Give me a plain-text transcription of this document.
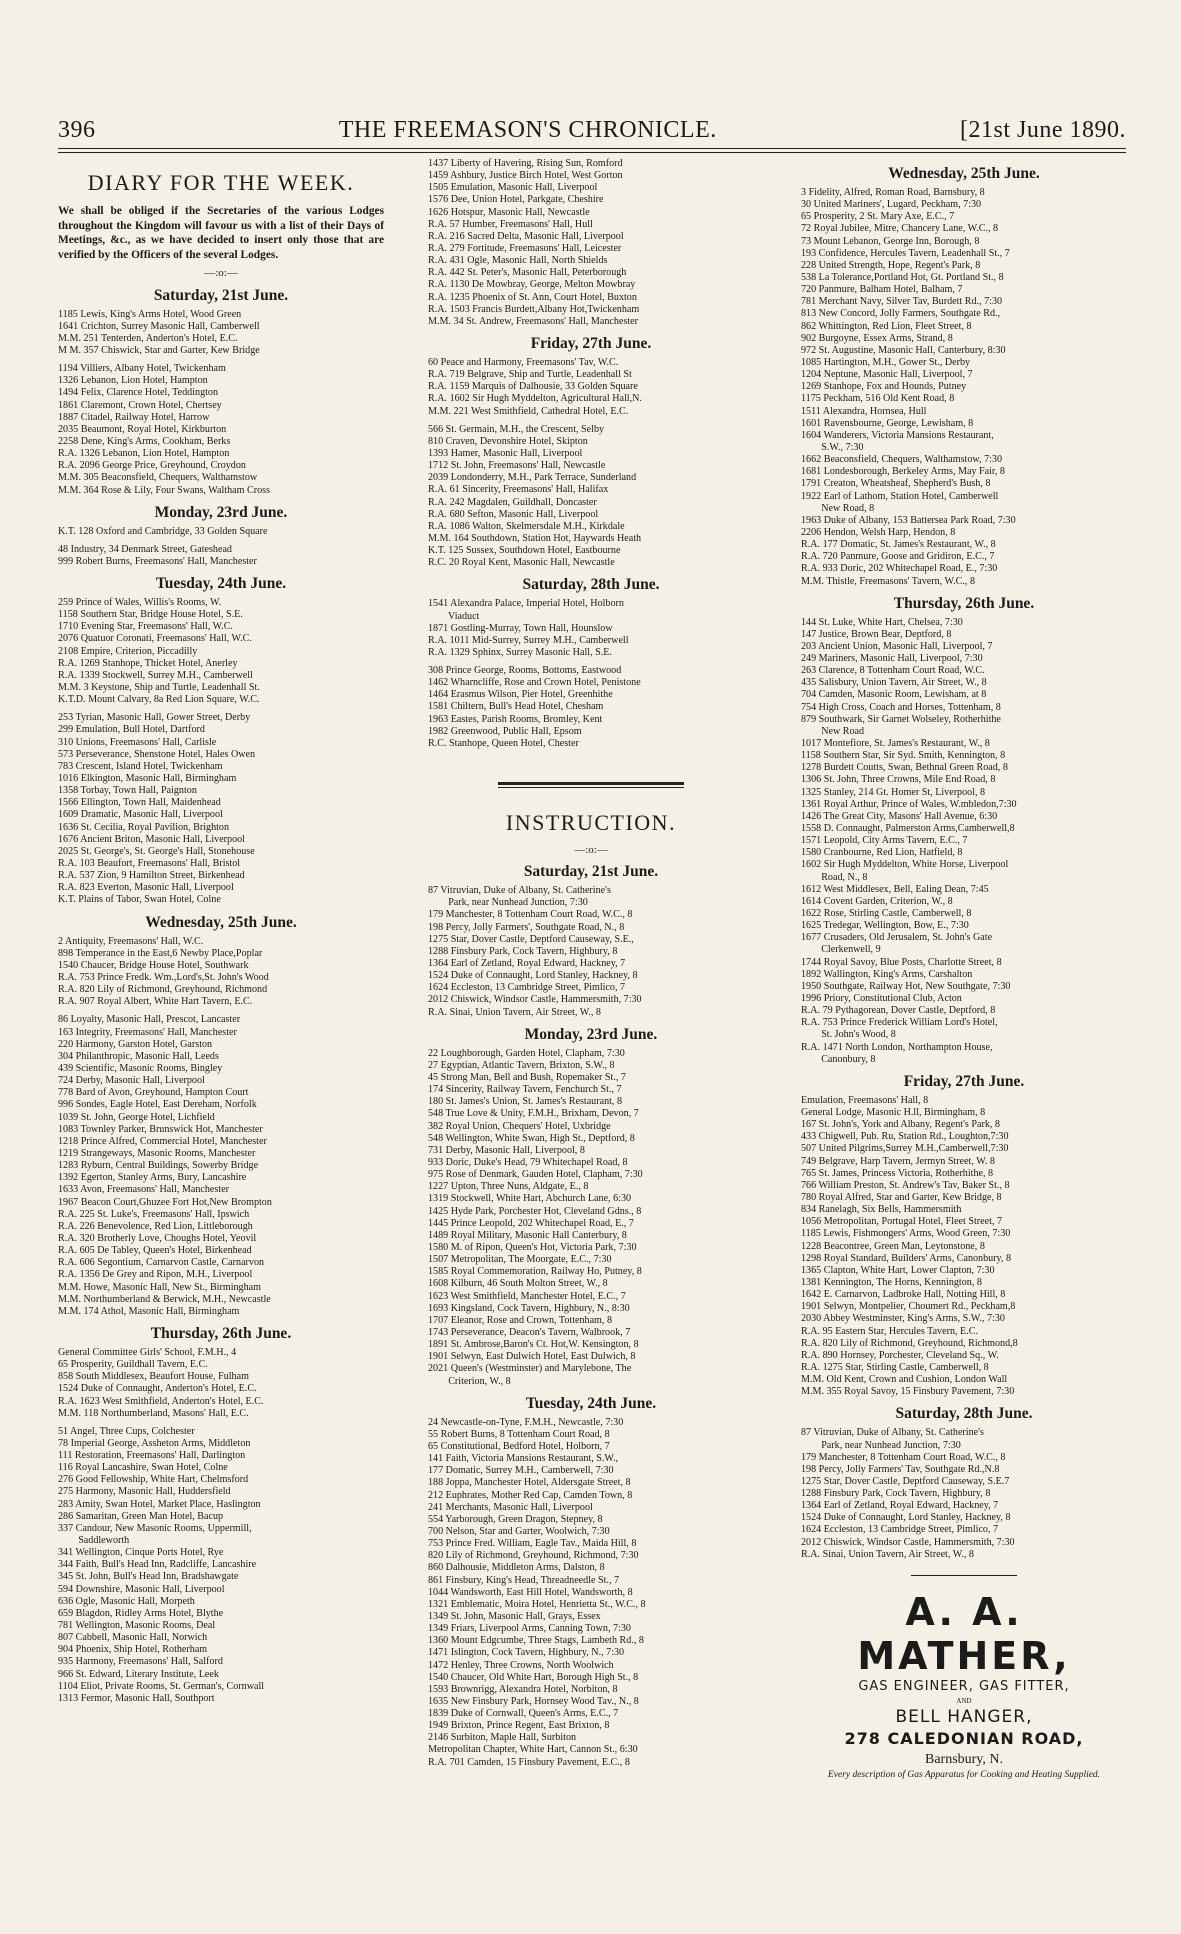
396	THE FREEMASON'S CHRONICLE.	[21st June 1890.
DIARY FOR THE WEEK.
We shall be obliged if the Secretaries of the various Lodges throughout the Kingdom will favour us with a list of their Days of Meetings, &c., as we have decided to insert only those that are verified by the Officers of the several Lodges.
—:o:—
Saturday, 21st June.
1185 Lewis, King's Arms Hotel, Wood Green
1641 Crichton, Surrey Masonic Hall, Camberwell
M.M. 251 Tenterden, Anderton's Hotel, E.C.
M M. 357 Chiswick, Star and Garter, Kew Bridge
1194 Villiers, Albany Hotel, Twickenham
1326 Lebanon, Lion Hotel, Hampton
1494 Felix, Clarence Hotel, Teddington
1861 Claremont, Crown Hotel, Chertsey
1887 Citadel, Railway Hotel, Harrow
2035 Beaumont, Royal Hotel, Kirkburton
2258 Dene, King's Arms, Cookham, Berks
R.A. 1326 Lebanon, Lion Hotel, Hampton
R.A. 2096 George Price, Greyhound, Croydon
M.M. 305 Beaconsfield, Chequers, Walthamstow
M.M. 364 Rose & Lily, Four Swans, Waltham Cross
Monday, 23rd June.
K.T. 128 Oxford and Cambridge, 33 Golden Square
48 Industry, 34 Denmark Street, Gateshead
999 Robert Burns, Freemasons' Hall, Manchester
Tuesday, 24th June.
259 Prince of Wales, Willis's Rooms, W.
1158 Southern Star, Bridge House Hotel, S.E.
1710 Evening Star, Freemasons' Hall, W.C.
2076 Quatuor Coronati, Freemasons' Hall, W.C.
2108 Empire, Criterion, Piccadilly
R.A. 1269 Stanhope, Thicket Hotel, Anerley
R.A. 1339 Stockwell, Surrey M.H., Camberwell
M.M. 3 Keystone, Ship and Turtle, Leadenhall St.
K.T.D. Mount Calvary, 8a Red Lion Square, W.C.
253 Tyrian, Masonic Hall, Gower Street, Derby
299 Emulation, Bull Hotel, Dartford
310 Unions, Freemasons' Hall, Carlisle
573 Perseverance, Shenstone Hotel, Hales Owen
783 Crescent, Island Hotel, Twickenham
1016 Elkington, Masonic Hall, Birmingham
1358 Torbay, Town Hall, Paignton
1566 Ellington, Town Hall, Maidenhead
1609 Dramatic, Masonic Hall, Liverpool
1636 St. Cecilia, Royal Pavilion, Brighton
1676 Ancient Briton, Masonic Hall, Liverpool
2025 St. George's, St. George's Hall, Stonehouse
R.A. 103 Beaufort, Freemasons' Hall, Bristol
R.A. 537 Zion, 9 Hamilton Street, Birkenhead
R.A. 823 Everton, Masonic Hall, Liverpool
K.T. Plains of Tabor, Swan Hotel, Colne
Wednesday, 25th June.
2 Antiquity, Freemasons' Hall, W.C.
898 Temperance in the East,6 Newby Place,Poplar
1540 Chaucer, Bridge House Hotel, Southwark
R.A. 753 Prince Fredk. Wm.,Lord's,St. John's Wood
R.A. 820 Lily of Richmond, Greyhound, Richmond
R.A. 907 Royal Albert, White Hart Tavern, E.C.
86 Loyalty, Masonic Hall, Prescot, Lancaster
163 Integrity, Freemasons' Hall, Manchester
220 Harmony, Garston Hotel, Garston
304 Philanthropic, Masonic Hall, Leeds
439 Scientific, Masonic Rooms, Bingley
724 Derby, Masonic Hall, Liverpool
778 Bard of Avon, Greyhound, Hampton Court
996 Sondes, Eagle Hotel, East Dereham, Norfolk
1039 St. John, George Hotel, Lichfield
1083 Townley Parker, Brunswick Hot, Manchester
1218 Prince Alfred, Commercial Hotel, Manchester
1219 Strangeways, Masonic Rooms, Manchester
1283 Ryburn, Central Buildings, Sowerby Bridge
1392 Egerton, Stanley Arms, Bury, Lancashire
1633 Avon, Freemasons' Hall, Manchester
1967 Beacon Court,Ghuzee Fort Hot,New Brompton
R.A. 225 St. Luke's, Freemasons' Hall, Ipswich
R.A. 226 Benevolence, Red Lion, Littleborough
R.A. 320 Brotherly Love, Choughs Hotel, Yeovil
R.A. 605 De Tabley, Queen's Hotel, Birkenhead
R.A. 606 Segontium, Carnarvon Castle, Carnarvon
R.A. 1356 De Grey and Ripon, M.H., Liverpool
M.M. Howe, Masonic Hall, New St., Birmingham
M.M. Northumberland & Berwick, M.H., Newcastle
M.M. 174 Athol, Masonic Hall, Birmingham
Thursday, 26th June.
General Committee Girls' School, F.M.H., 4
65 Prosperity, Guildhall Tavern, E.C.
858 South Middlesex, Beaufort House, Fulham
1524 Duke of Connaught, Anderton's Hotel, E.C.
R.A. 1623 West Smithfield, Anderton's Hotel, E.C.
M.M. 118 Northumberland, Masons' Hall, E.C.
51 Angel, Three Cups, Colchester
78 Imperial George, Assheton Arms, Middleton
111 Restoration, Freemasons' Hall, Darlington
116 Royal Lancashire, Swan Hotel, Colne
276 Good Fellowship, White Hart, Chelmsford
275 Harmony, Masonic Hall, Huddersfield
283 Amity, Swan Hotel, Market Place, Haslington
286 Samaritan, Green Man Hotel, Bacup
337 Candour, New Masonic Rooms, Uppermill,
Saddleworth
341 Wellington, Cinque Ports Hotel, Rye
344 Faith, Bull's Head Inn, Radcliffe, Lancashire
345 St. John, Bull's Head Inn, Bradshawgate
594 Downshire, Masonic Hall, Liverpool
636 Ogle, Masonic Hall, Morpeth
659 Blagdon, Ridley Arms Hotel, Blythe
781 Wellington, Masonic Rooms, Deal
807 Cabbell, Masonic Hall, Norwich
904 Phoenix, Ship Hotel, Rotherham
935 Harmony, Freemasons' Hall, Salford
966 St. Edward, Literary Institute, Leek
1104 Eliot, Private Rooms, St. German's, Cornwall
1313 Fermor, Masonic Hall, Southport
1437 Liberty of Havering, Rising Sun, Romford
1459 Ashbury, Justice Birch Hotel, West Gorton
1505 Emulation, Masonic Hall, Liverpool
1576 Dee, Union Hotel, Parkgate, Cheshire
1626 Hotspur, Masonic Hall, Newcastle
R.A. 57 Humber, Freemasons' Hall, Hull
R.A. 216 Sacred Delta, Masonic Hall, Liverpool
R.A. 279 Fortitude, Freemasons' Hall, Leicester
R.A. 431 Ogle, Masonic Hall, North Shields
R.A. 442 St. Peter's, Masonic Hall, Peterborough
R.A. 1130 De Mowbray, George, Melton Mowbray
R.A. 1235 Phoenix of St. Ann, Court Hotel, Buxton
R.A. 1503 Francis Burdett,Albany Hot,Twickenham
M.M. 34 St. Andrew, Freemasons' Hall, Manchester
Friday, 27th June.
60 Peace and Harmony, Freemasons' Tav, W.C.
R.A. 719 Belgrave, Ship and Turtle, Leadenhall St
R.A. 1159 Marquis of Dalhousie, 33 Golden Square
R.A. 1602 Sir Hugh Myddelton, Agricultural Hall,N.
M.M. 221 West Smithfield, Cathedral Hotel, E.C.
566 St. Germain, M.H., the Crescent, Selby
810 Craven, Devonshire Hotel, Skipton
1393 Hamer, Masonic Hall, Liverpool
1712 St. John, Freemasons' Hall, Newcastle
2039 Londonderry, M.H., Park Terrace, Sunderland
R.A. 61 Sincerity, Freemasons' Hall, Halifax
R.A. 242 Magdalen, Guildhall, Doncaster
R.A. 680 Sefton, Masonic Hall, Liverpool
R.A. 1086 Walton, Skelmersdale M.H., Kirkdale
M.M. 164 Southdown, Station Hot, Haywards Heath
K.T. 125 Sussex, Southdown Hotel, Eastbourne
R.C. 20 Royal Kent, Masonic Hall, Newcastle
Saturday, 28th June.
1541 Alexandra Palace, Imperial Hotel, Holborn
Viaduct
1871 Gostling-Murray, Town Hall, Hounslow
R.A. 1011 Mid-Surrey, Surrey M.H., Camberwell
R.A. 1329 Sphinx, Surrey Masonic Hall, S.E.
308 Prince George, Rooms, Bottoms, Eastwood
1462 Wharncliffe, Rose and Crown Hotel, Penistone
1464 Erasmus Wilson, Pier Hotel, Greenhithe
1581 Chiltern, Bull's Head Hotel, Chesham
1963 Eastes, Parish Rooms, Bromley, Kent
1982 Greenwood, Public Hall, Epsom
R.C. Stanhope, Queen Hotel, Chester
INSTRUCTION.
—:o:—
Saturday, 21st June.
87 Vitruvian, Duke of Albany, St. Catherine's
Park, near Nunhead Junction, 7:30
179 Manchester, 8 Tottenham Court Road, W.C., 8
198 Percy, Jolly Farmers', Southgate Road, N., 8
1275 Star, Dover Castle, Deptford Causeway, S.E.,
1288 Finsbury Park, Cock Tavern, Highbury, 8
1364 Earl of Zetland, Royal Edward, Hackney, 7
1524 Duke of Connaught, Lord Stanley, Hackney, 8
1624 Eccleston, 13 Cambridge Street, Pimlico, 7
2012 Chiswick, Windsor Castle, Hammersmith, 7:30
R.A. Sinai, Union Tavern, Air Street, W., 8
Monday, 23rd June.
22 Loughborough, Garden Hotel, Clapham, 7:30
27 Egyptian, Atlantic Tavern, Brixton, S.W., 8
45 Strong Man, Bell and Bush, Ropemaker St., 7
174 Sincerity, Railway Tavern, Fenchurch St., 7
180 St. James's Union, St. James's Restaurant, 8
548 True Love & Unity, F.M.H., Brixham, Devon, 7
382 Royal Union, Chequers' Hotel, Uxbridge
548 Wellington, White Swan, High St., Deptford, 8
731 Derby, Masonic Hall, Liverpool, 8
933 Doric, Duke's Head, 79 Whitechapel Road, 8
975 Rose of Denmark, Gauden Hotel, Clapham, 7:30
1227 Upton, Three Nuns, Aldgate, E., 8
1319 Stockwell, White Hart, Abchurch Lane, 6:30
1425 Hyde Park, Porchester Hot, Cleveland Gdns., 8
1445 Prince Leopold, 202 Whitechapel Road, E., 7
1489 Royal Military, Masonic Hall Canterbury, 8
1580 M. of Ripon, Queen's Hot, Victoria Park, 7:30
1507 Metropolitan, The Moorgate, E.C., 7:30
1585 Royal Commemoration, Railway Ho, Putney, 8
1608 Kilburn, 46 South Molton Street, W., 8
1623 West Smithfield, Manchester Hotel, E.C., 7
1693 Kingsland, Cock Tavern, Highbury, N., 8:30
1707 Eleanor, Rose and Crown, Tottenham, 8
1743 Perseverance, Deacon's Tavern, Walbrook, 7
1891 St. Ambrose,Baron's Ct. Hot,W. Kensington, 8
1901 Selwyn, East Dulwich Hotel, East Dulwich, 8
2021 Queen's (Westminster) and Marylebone, The
Criterion, W., 8
Tuesday, 24th June.
24 Newcastle-on-Tyne, F.M.H., Newcastle, 7:30
55 Robert Burns, 8 Tottenham Court Road, 8
65 Constitutional, Bedford Hotel, Holborn, 7
141 Faith, Victoria Mansions Restaurant, S.W.,
177 Domatic, Surrey M.H., Camberwell, 7:30
188 Joppa, Manchester Hotel, Aldersgate Street, 8
212 Euphrates, Mother Red Cap, Camden Town, 8
241 Merchants, Masonic Hall, Liverpool
554 Yarborough, Green Dragon, Stepney, 8
700 Nelson, Star and Garter, Woolwich, 7:30
753 Prince Fred. William, Eagle Tav., Maida Hill, 8
820 Lily of Richmond, Greyhound, Richmond, 7:30
860 Dalhousie, Middleton Arms, Dalston, 8
861 Finsbury, King's Head, Threadneedle St., 7
1044 Wandsworth, East Hill Hotel, Wandsworth, 8
1321 Emblematic, Moira Hotel, Henrietta St., W.C., 8
1349 St. John, Masonic Hall, Grays, Essex
1349 Friars, Liverpool Arms, Canning Town, 7:30
1360 Mount Edgcumbe, Three Stags, Lambeth Rd., 8
1471 Islington, Cock Tavern, Highbury, N., 7:30
1472 Henley, Three Crowns, North Woolwich
1540 Chaucer, Old White Hart, Borough High St., 8
1593 Brownrigg, Alexandra Hotel, Norbiton, 8
1635 New Finsbury Park, Hornsey Wood Tav., N., 8
1839 Duke of Cornwall, Queen's Arms, E.C., 7
1949 Brixton, Prince Regent, East Brixton, 8
2146 Surbiton, Maple Hall, Surbiton
Metropolitan Chapter, White Hart, Cannon St., 6:30
R.A. 701 Camden, 15 Finsbury Pavement, E.C., 8
Wednesday, 25th June.
3 Fidelity, Alfred, Roman Road, Barnsbury, 8
30 United Mariners', Lugard, Peckham, 7:30
65 Prosperity, 2 St. Mary Axe, E.C., 7
72 Royal Jubilee, Mitre, Chancery Lane, W.C., 8
73 Mount Lebanon, George Inn, Borough, 8
193 Confidence, Hercules Tavern, Leadenhall St., 7
228 United Strength, Hope, Regent's Park, 8
538 La Tolerance,Portland Hot, Gt. Portland St., 8
720 Panmure, Balham Hotel, Balham, 7
781 Merchant Navy, Silver Tav, Burdett Rd., 7:30
813 New Concord, Jolly Farmers, Southgate Rd.,
862 Whittington, Red Lion, Fleet Street, 8
902 Burgoyne, Essex Arms, Strand, 8
972 St. Augustine, Masonic Hall, Canterbury, 8:30
1085 Hartington, M.H., Gower St., Derby
1204 Neptune, Masonic Hall, Liverpool, 7
1269 Stanhope, Fox and Hounds, Putney
1175 Peckham, 516 Old Kent Road, 8
1511 Alexandra, Hornsea, Hull
1601 Ravensbourne, George, Lewisham, 8
1604 Wanderers, Victoria Mansions Restaurant,
S.W., 7:30
1662 Beaconsfield, Chequers, Walthamstow, 7:30
1681 Londesborough, Berkeley Arms, May Fair, 8
1791 Creaton, Wheatsheaf, Shepherd's Bush, 8
1922 Earl of Lathom, Station Hotel, Camberwell
New Road, 8
1963 Duke of Albany, 153 Battersea Park Road, 7:30
2206 Hendon, Welsh Harp, Hendon, 8
R.A. 177 Domatic, St. James's Restaurant, W., 8
R.A. 720 Panmure, Goose and Gridiron, E.C., 7
R.A. 933 Doric, 202 Whitechapel Road, E., 7:30
M.M. Thistle, Freemasons' Tavern, W.C., 8
Thursday, 26th June.
144 St. Luke, White Hart, Chelsea, 7:30
147 Justice, Brown Bear, Deptford, 8
203 Ancient Union, Masonic Hall, Liverpool, 7
249 Mariners, Masonic Hall, Liverpool, 7:30
263 Clarence, 8 Tottenham Court Road, W.C.
435 Salisbury, Union Tavern, Air Street, W., 8
704 Camden, Masonic Room, Lewisham, at 8
754 High Cross, Coach and Horses, Tottenham, 8
879 Southwark, Sir Garnet Wolseley, Rotherhithe
New Road
1017 Montefiore, St. James's Restaurant, W., 8
1158 Southern Star, Sir Syd. Smith, Kennington, 8
1278 Burdett Coutts, Swan, Bethnal Green Road, 8
1306 St. John, Three Crowns, Mile End Road, 8
1325 Stanley, 214 Gt. Homer St, Liverpool, 8
1361 Royal Arthur, Prince of Wales, W.mbledon,7:30
1426 The Great City, Masons' Hall Avenue, 6:30
1558 D. Connaught, Palmerston Arms,Camberwell,8
1571 Leopold, City Arms Tavern, E.C., 7
1580 Cranbourne, Red Lion, Hatfield, 8
1602 Sir Hugh Myddelton, White Horse, Liverpool
Road, N., 8
1612 West Middlesex, Bell, Ealing Dean, 7:45
1614 Covent Garden, Criterion, W., 8
1622 Rose, Stirling Castle, Camberwell, 8
1625 Tredegar, Wellington, Bow, E., 7:30
1677 Crusaders, Old Jerusalem, St. John's Gate
Clerkenwell, 9
1744 Royal Savoy, Blue Posts, Charlotte Street, 8
1892 Wallington, King's Arms, Carshalton
1950 Southgate, Railway Hot, New Southgate, 7:30
1996 Priory, Constitutional Club, Acton
R.A. 79 Pythagorean, Dover Castle, Deptford, 8
R.A. 753 Prince Frederick William Lord's Hotel,
St. John's Wood, 8
R.A. 1471 North London, Northampton House,
Canonbury, 8
Friday, 27th June.
Emulation, Freemasons' Hall, 8
General Lodge, Masonic H.ll, Birmingham, 8
167 St. John's, York and Albany, Regent's Park, 8
433 Chigwell, Pub. Ru, Station Rd., Loughton,7:30
507 United Pilgrims,Surrey M.H.,Camberwell,7:30
749 Belgrave, Harp Tavern, Jermyn Street, W. 8
765 St. James, Princess Victoria, Rotherhithe, 8
766 William Preston, St. Andrew's Tav, Baker St., 8
780 Royal Alfred, Star and Garter, Kew Bridge, 8
834 Ranelagh, Six Bells, Hammersmith
1056 Metropolitan, Portugal Hotel, Fleet Street, 7
1185 Lewis, Fishmongers' Arms, Wood Green, 7:30
1228 Beacontree, Green Man, Leytonstone, 8
1298 Royal Standard, Builders' Arms, Canonbury, 8
1365 Clapton, White Hart, Lower Clapton, 7:30
1381 Kennington, The Horns, Kennington, 8
1642 E. Carnarvon, Ladbroke Hall, Notting Hill, 8
1901 Selwyn, Montpelier, Choumert Rd., Peckham,8
2030 Abbey Westminster, King's Arms, S.W., 7:30
R.A. 95 Eastern Star, Hercules Tavern, E.C.
R.A. 820 Lily of Richmond, Greyhound, Richmond,8
R.A. 890 Hornsey, Porchester, Cleveland Sq., W.
R.A. 1275 Star, Stirling Castle, Camberwell, 8
M.M. Old Kent, Crown and Cushion, London Wall
M.M. 355 Royal Savoy, 15 Finsbury Pavement, 7:30
Saturday, 28th June.
87 Vitruvian, Duke of Albany, St. Catherine's
Park, near Nunhead Junction, 7:30
179 Manchester, 8 Tottenham Court Road, W.C., 8
198 Percy, Jolly Farmers' Tav, Southgate Rd.,N.8
1275 Star, Dover Castle, Deptford Causeway, S.E.7
1288 Finsbury Park, Cock Tavern, Highbury, 8
1364 Earl of Zetland, Royal Edward, Hackney, 7
1524 Duke of Connaught, Lord Stanley, Hackney, 8
1624 Eccleston, 13 Cambridge Street, Pimlico, 7
2012 Chiswick, Windsor Castle, Hammersmith, 7:30
R.A. Sinai, Union Tavern, Air Street, W., 8
A. A. MATHER,
GAS ENGINEER, GAS FITTER,
AND
BELL HANGER,
278 CALEDONIAN ROAD,
Barnsbury, N.
Every description of Gas Apparatus for Cooking and Heating Supplied.
